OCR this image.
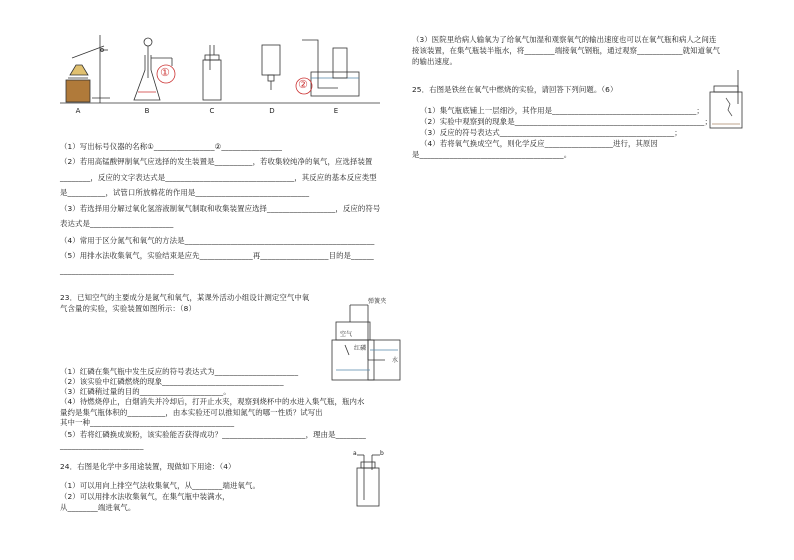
A	B	C	D	E
①
②
（1）写出标号仪器的名称①________________②________________
（2）若用高锰酸钾制氧气应选择的发生装置是__________，若收集较纯净的氧气，应选择装置
________，反应的文字表达式是__________________________________，其反应的基本反应类型
是__________，试管口所放棉花的作用是______________________________
（3）若选择用分解过氧化氢溶液制氧气制取和收集装置应选择__________________，反应的符号
表达式是______________________
（4）常用于区分氮气和氧气的方法是__________________________________________________
（5）用排水法收集氧气，实验结束是应先______________再__________________目的是______
______________________________
23．已知空气的主要成分是氮气和氧气，某课外活动小组设计测定空气中氧
气含量的实验，实验装置如图所示：（8）
弹簧夹
空气
红磷
水
（1）红磷在集气瓶中发生反应的符号表达式为______________________
（2）该实验中红磷燃烧的现象________________________________
（3）红磷稍过量的目的______________________。
（4）待燃烧停止，白烟消失并冷却后，打开止水夹，观察到烧杯中的水进入集气瓶，瓶内水
量约是集气瓶体积的__________，由本实验还可以推知氮气的哪一性质？试写出
其中一种______________________________________
（5）若将红磷换成炭粉，该实验能否获得成功？______________________，理由是________
______________________
24．右图是化学中多用途装置，现做如下用途：（4）
a	b
（1）可以用向上排空气法收集氧气，从________端进氧气。
（2）可以用排水法收集氧气，在集气瓶中装满水，
从________端进氧气。
（3）医院里给病人输氧为了给氧气加湿和观察氧气的输出速度也可以在氧气瓶和病人之间连
接该装置，在集气瓶装半瓶水，将________端接氧气钢瓶，通过观察____________就知道氧气
的输出速度。
25．右图是铁丝在氧气中燃烧的实验，请回答下列问题。（6）
（1）集气瓶底铺上一层细沙，其作用是______________________________________；
（2）实验中观察到的现象是__________________________________________________；
（3）反应的符号表达式______________________________________________；
（4）若将氧气换成空气，则化学反应__________________进行，其原因
是______________________________________。
